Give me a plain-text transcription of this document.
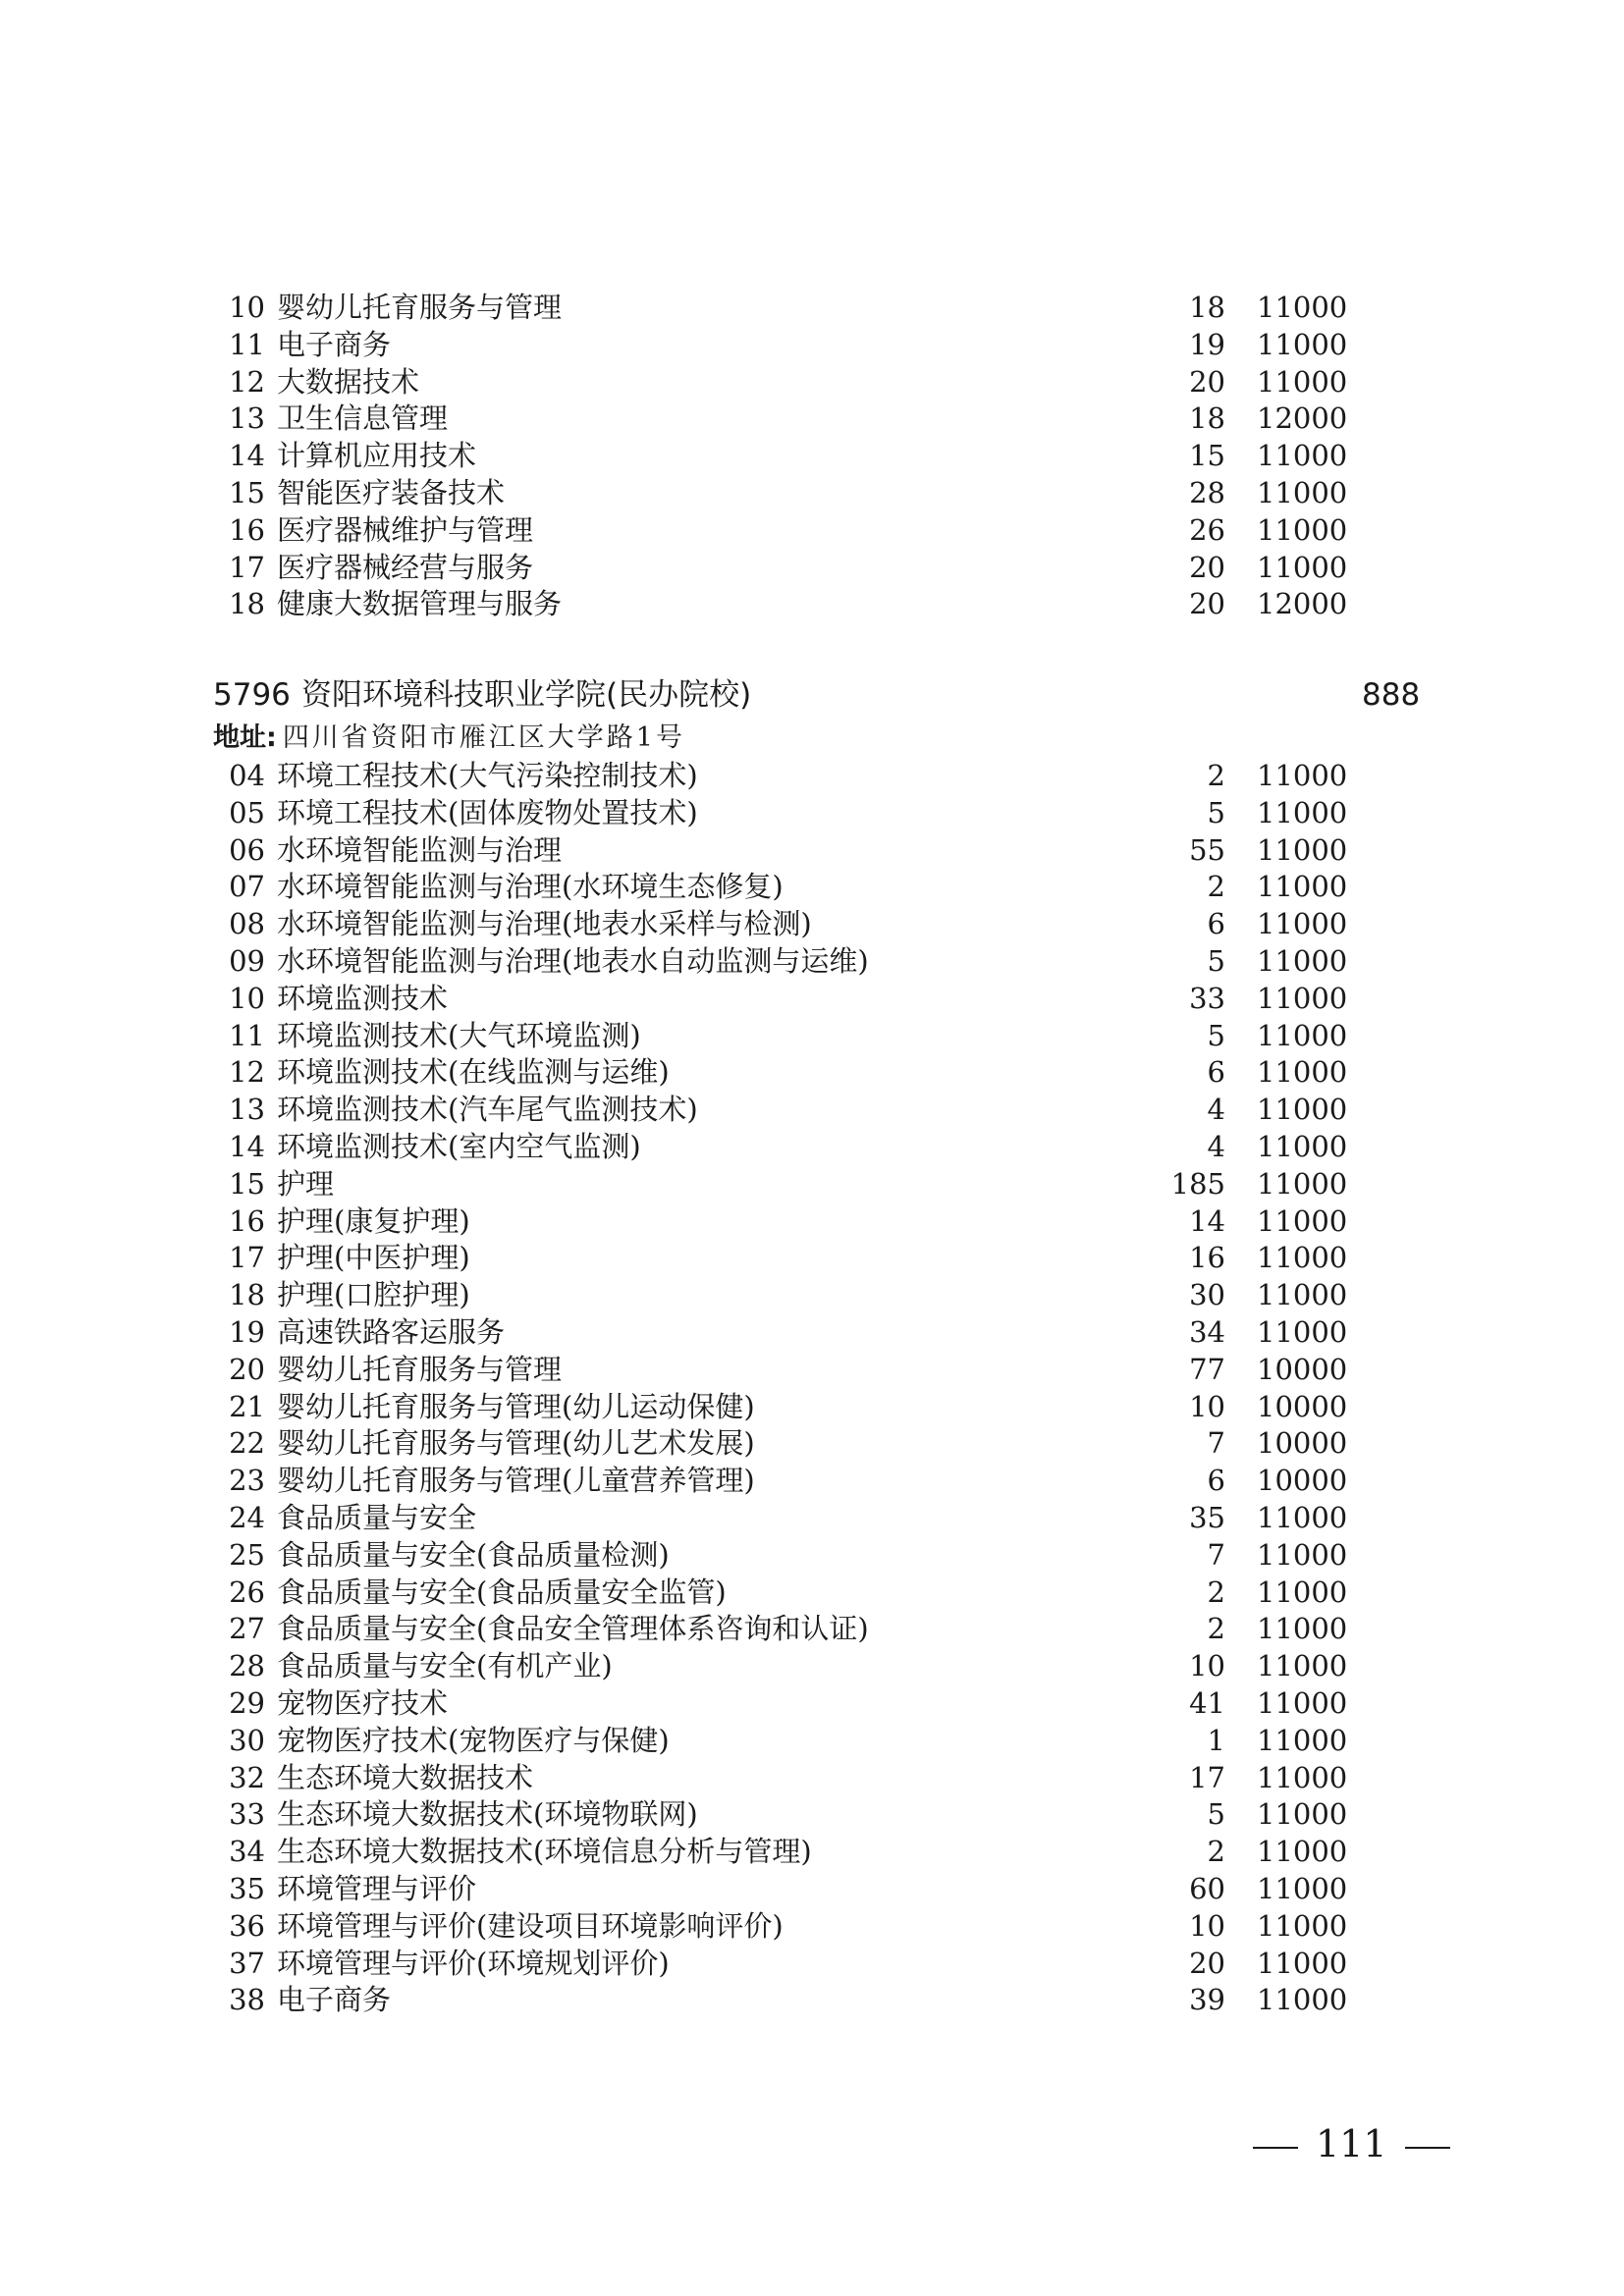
10 婴幼儿托育服务与管理	18 11000
11 电子商务	19 11000
12 大数据技术	20 11000
13 卫生信息管理	18 12000
14 计算机应用技术	15 11000
15 智能医疗装备技术	28 11000
16 医疗器械维护与管理	26 11000
17 医疗器械经营与服务	20 11000
18 健康大数据管理与服务	20 12000
5796 资阳环境科技职业学院(民办院校)	888
地址: 四川省资阳市雁江区大学路1号
04 环境工程技术(大气污染控制技术)	2 11000
05 环境工程技术(固体废物处置技术)	5 11000
06 水环境智能监测与治理	55 11000
07 水环境智能监测与治理(水环境生态修复)	2 11000
08 水环境智能监测与治理(地表水采样与检测)	6 11000
09 水环境智能监测与治理(地表水自动监测与运维)	5 11000
10 环境监测技术	33 11000
11 环境监测技术(大气环境监测)	5 11000
12 环境监测技术(在线监测与运维)	6 11000
13 环境监测技术(汽车尾气监测技术)	4 11000
14 环境监测技术(室内空气监测)	4 11000
15 护理	185 11000
16 护理(康复护理)	14 11000
17 护理(中医护理)	16 11000
18 护理(口腔护理)	30 11000
19 高速铁路客运服务	34 11000
20 婴幼儿托育服务与管理	77 10000
21 婴幼儿托育服务与管理(幼儿运动保健)	10 10000
22 婴幼儿托育服务与管理(幼儿艺术发展)	7 10000
23 婴幼儿托育服务与管理(儿童营养管理)	6 10000
24 食品质量与安全	35 11000
25 食品质量与安全(食品质量检测)	7 11000
26 食品质量与安全(食品质量安全监管)	2 11000
27 食品质量与安全(食品安全管理体系咨询和认证)	2 11000
28 食品质量与安全(有机产业)	10 11000
29 宠物医疗技术	41 11000
30 宠物医疗技术(宠物医疗与保健)	1 11000
32 生态环境大数据技术	17 11000
33 生态环境大数据技术(环境物联网)	5 11000
34 生态环境大数据技术(环境信息分析与管理)	2 11000
35 环境管理与评价	60 11000
36 环境管理与评价(建设项目环境影响评价)	10 11000
37 环境管理与评价(环境规划评价)	20 11000
38 电子商务	39 11000
111
